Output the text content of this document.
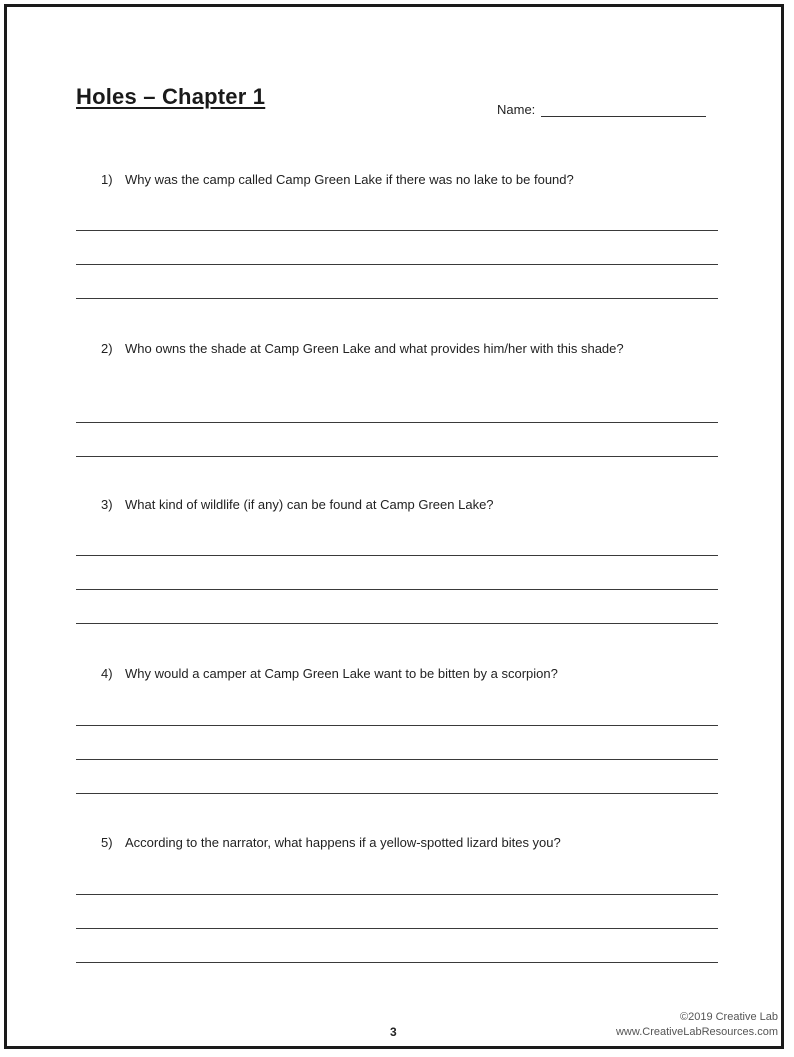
Holes – Chapter 1
Name:
1) Why was the camp called Camp Green Lake if there was no lake to be found?
2) Who owns the shade at Camp Green Lake and what provides him/her with this shade?
3) What kind of wildlife (if any) can be found at Camp Green Lake?
4) Why would a camper at Camp Green Lake want to be bitten by a scorpion?
5) According to the narrator, what happens if a yellow-spotted lizard bites you?
3
©2019 Creative Lab
www.CreativeLabResources.com
